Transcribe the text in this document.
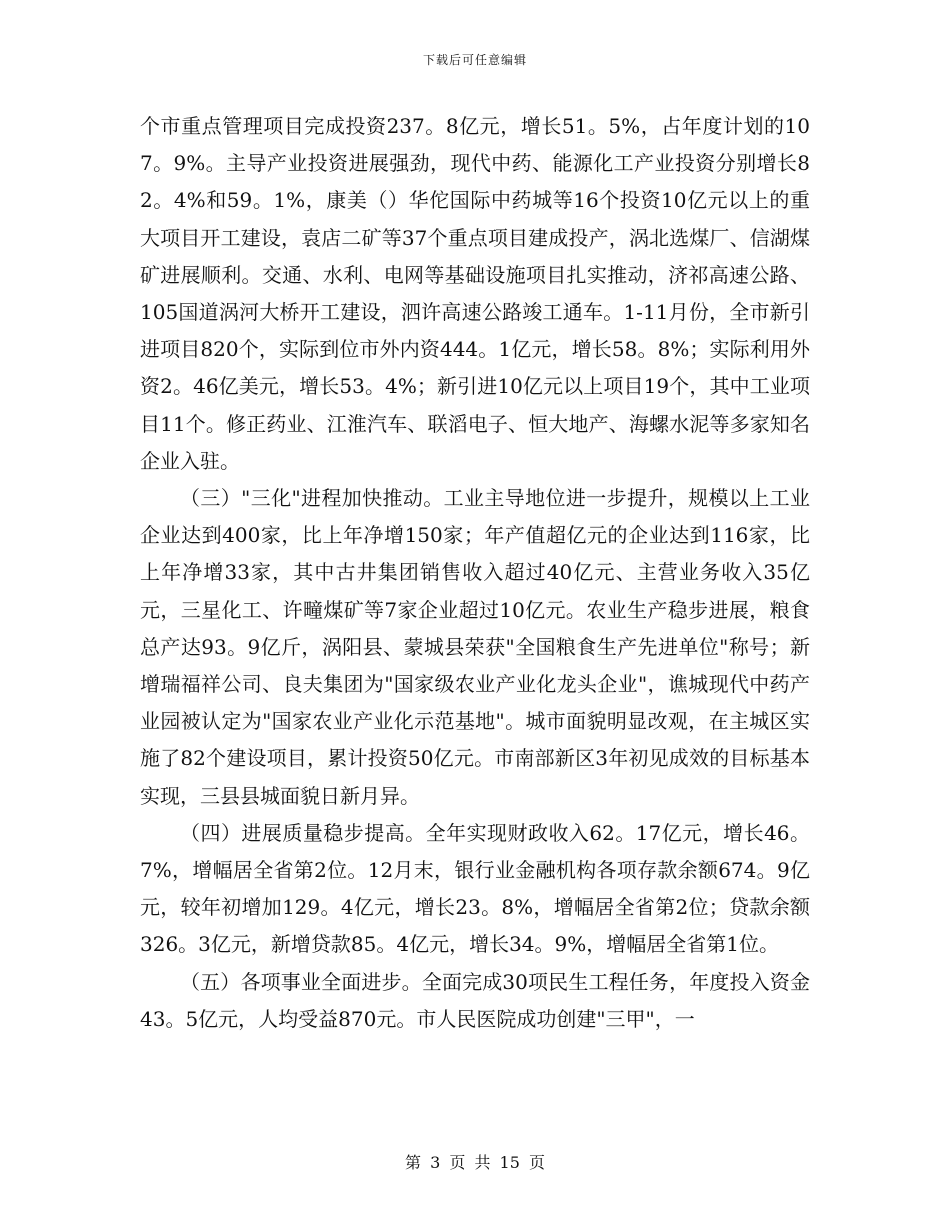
下载后可任意编辑

个市重点管理项目完成投资237。8亿元，增长51。5%，占年度计划的107。9%。主导产业投资进展强劲，现代中药、能源化工产业投资分别增长82。4%和59。1%，康美（）华佗国际中药城等16个投资10亿元以上的重大项目开工建设，袁店二矿等37个重点项目建成投产，涡北选煤厂、信湖煤矿进展顺利。交通、水利、电网等基础设施项目扎实推动，济祁高速公路、105国道涡河大桥开工建设，泗许高速公路竣工通车。1-11月份，全市新引进项目820个，实际到位市外内资444。1亿元，增长58。8%；实际利用外资2。46亿美元，增长53。4%；新引进10亿元以上项目19个，其中工业项目11个。修正药业、江淮汽车、联滔电子、恒大地产、海螺水泥等多家知名企业入驻。

（三）"三化"进程加快推动。工业主导地位进一步提升，规模以上工业企业达到400家，比上年净增150家；年产值超亿元的企业达到116家，比上年净增33家，其中古井集团销售收入超过40亿元、主营业务收入35亿元，三星化工、许疃煤矿等7家企业超过10亿元。农业生产稳步进展，粮食总产达93。9亿斤，涡阳县、蒙城县荣获"全国粮食生产先进单位"称号；新增瑞福祥公司、良夫集团为"国家级农业产业化龙头企业"，谯城现代中药产业园被认定为"国家农业产业化示范基地"。城市面貌明显改观，在主城区实施了82个建设项目，累计投资50亿元。市南部新区3年初见成效的目标基本实现，三县县城面貌日新月异。

（四）进展质量稳步提高。全年实现财政收入62。17亿元，增长46。7%，增幅居全省第2位。12月末，银行业金融机构各项存款余额674。9亿元，较年初增加129。4亿元，增长23。8%，增幅居全省第2位；贷款余额326。3亿元，新增贷款85。4亿元，增长34。9%，增幅居全省第1位。

（五）各项事业全面进步。全面完成30项民生工程任务，年度投入资金43。5亿元，人均受益870元。市人民医院成功创建"三甲"，一

第 3 页 共 15 页
